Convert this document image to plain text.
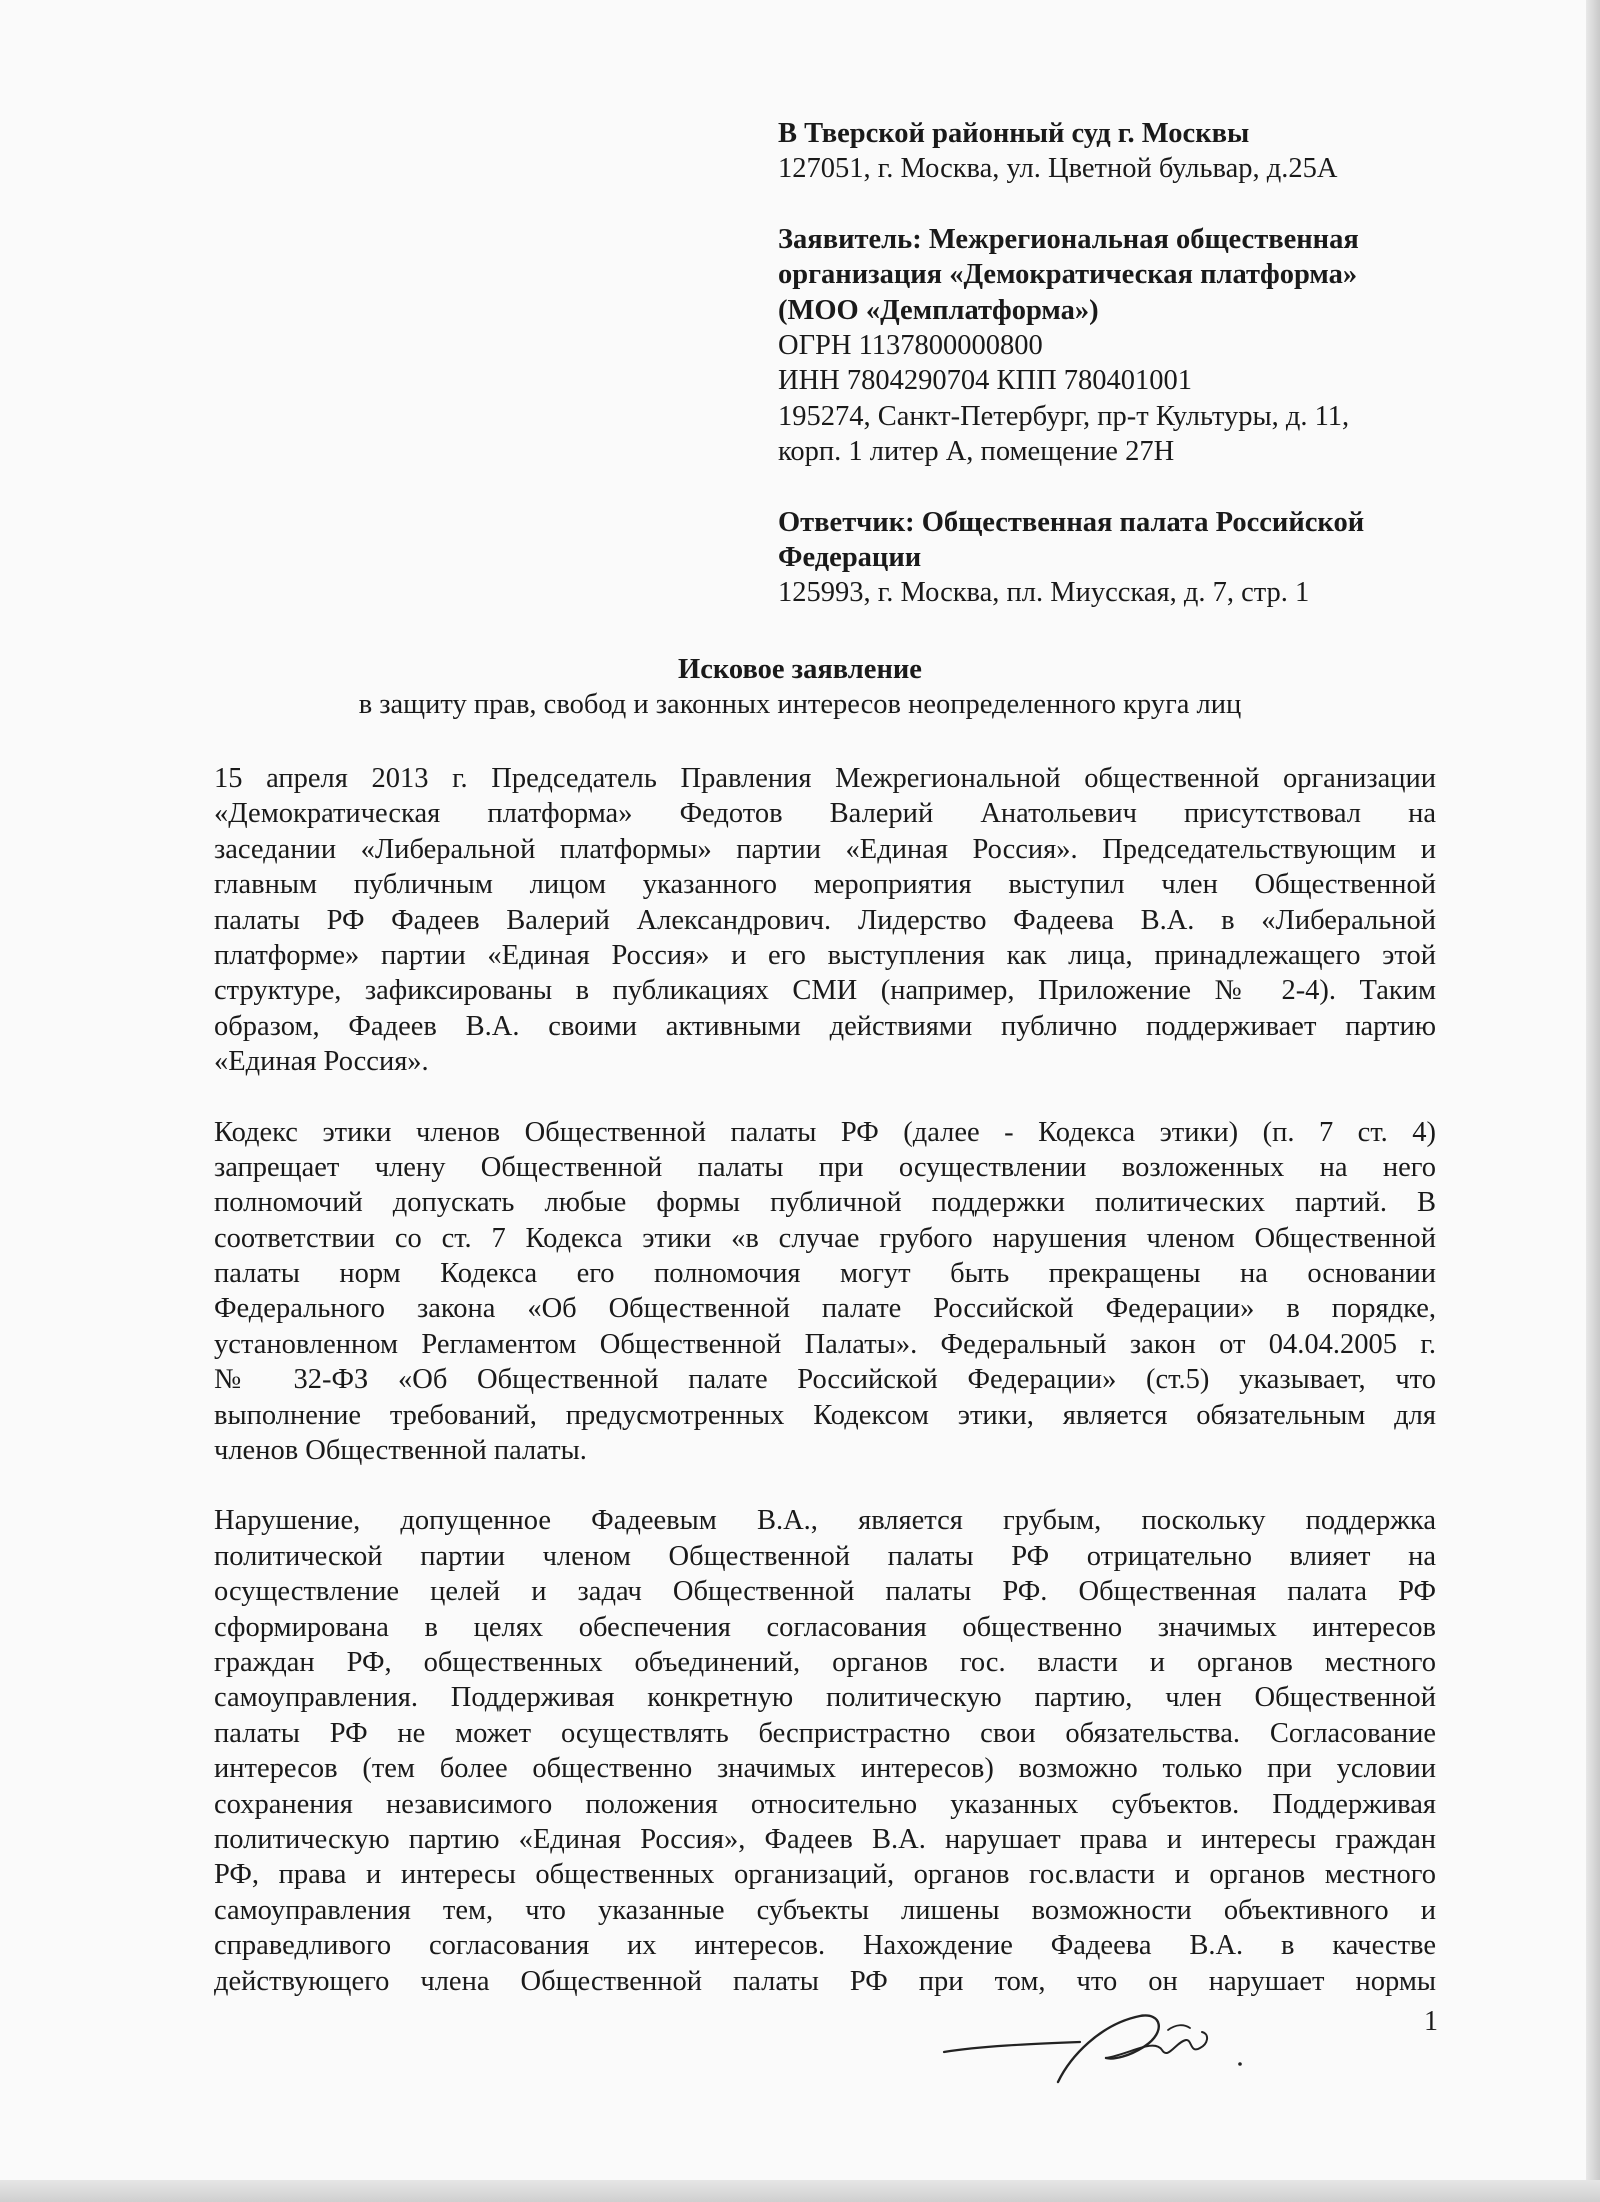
В Тверской районный суд г. Москвы
127051, г. Москва, ул. Цветной бульвар, д.25А
Заявитель: Межрегиональная общественная
организация «Демократическая платформа»
(МОО «Демплатформа»)
ОГРН 1137800000800
ИНН 7804290704 КПП 780401001
195274, Санкт-Петербург, пр-т Культуры, д. 11,
корп. 1 литер А, помещение 27Н
Ответчик: Общественная палата Российской
Федерации
125993, г. Москва, пл. Миусская, д. 7, стр. 1
Исковое заявление
в защиту прав, свобод и законных интересов неопределенного круга лиц
15 апреля 2013 г. Председатель Правления Межрегиональной общественной организации
«Демократическая платформа» Федотов Валерий Анатольевич присутствовал на
заседании «Либеральной платформы» партии «Единая Россия». Председательствующим и
главным публичным лицом указанного мероприятия выступил член Общественной
палаты РФ Фадеев Валерий Александрович. Лидерство Фадеева В.А. в «Либеральной
платформе» партии «Единая Россия» и его выступления как лица, принадлежащего этой
структуре, зафиксированы в публикациях СМИ (например, Приложение № 2-4). Таким
образом, Фадеев В.А. своими активными действиями публично поддерживает партию
«Единая Россия».
Кодекс этики членов Общественной палаты РФ (далее - Кодекса этики) (п. 7 ст. 4)
запрещает члену Общественной палаты при осуществлении возложенных на него
полномочий допускать любые формы публичной поддержки политических партий. В
соответствии со ст. 7 Кодекса этики «в случае грубого нарушения членом Общественной
палаты норм Кодекса его полномочия могут быть прекращены на основании
Федерального закона «Об Общественной палате Российской Федерации» в порядке,
установленном Регламентом Общественной Палаты». Федеральный закон от 04.04.2005 г.
№ 32-ФЗ «Об Общественной палате Российской Федерации» (ст.5) указывает, что
выполнение требований, предусмотренных Кодексом этики, является обязательным для
членов Общественной палаты.
Нарушение, допущенное Фадеевым В.А., является грубым, поскольку поддержка
политической партии членом Общественной палаты РФ отрицательно влияет на
осуществление целей и задач Общественной палаты РФ. Общественная палата РФ
сформирована в целях обеспечения согласования общественно значимых интересов
граждан РФ, общественных объединений, органов гос. власти и органов местного
самоуправления. Поддерживая конкретную политическую партию, член Общественной
палаты РФ не может осуществлять беспристрастно свои обязательства. Согласование
интересов (тем более общественно значимых интересов) возможно только при условии
сохранения независимого положения относительно указанных субъектов. Поддерживая
политическую партию «Единая Россия», Фадеев В.А. нарушает права и интересы граждан
РФ, права и интересы общественных организаций, органов гос.власти и органов местного
самоуправления тем, что указанные субъекты лишены возможности объективного и
справедливого согласования их интересов. Нахождение Фадеева В.А. в качестве
действующего члена Общественной палаты РФ при том, что он нарушает нормы
1
